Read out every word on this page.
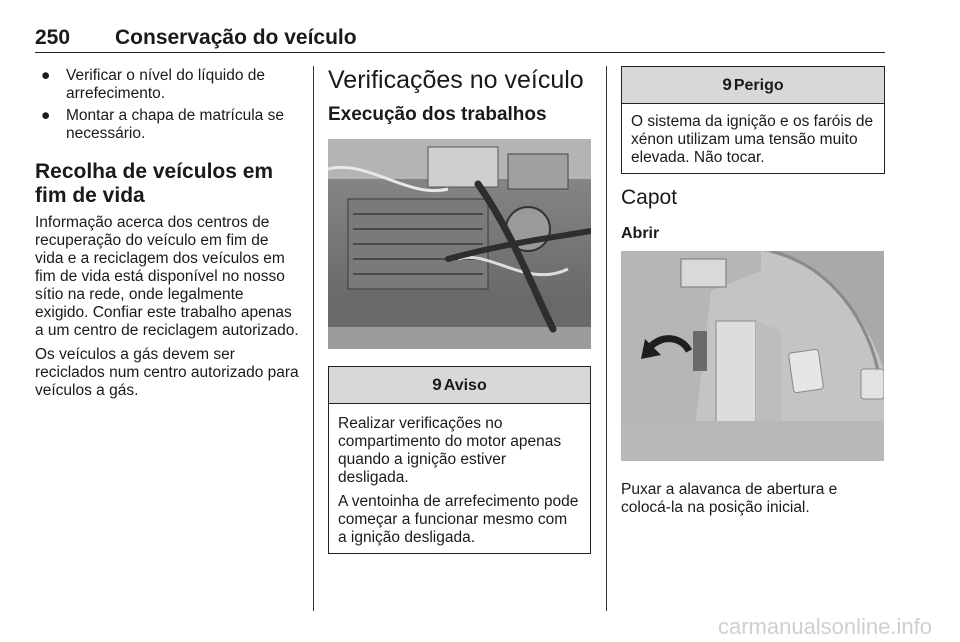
250 Conservação do veículo
● Verificar o nível do líquido de arrefecimento.
● Montar a chapa de matrícula se necessário.
Recolha de veículos em fim de vida

Informação acerca dos centros de recuperação do veículo em fim de vida e a reciclagem dos veículos em fim de vida está disponível no nosso sítio na rede, onde legalmente exigido. Confiar este trabalho apenas a um centro de reciclagem autorizado.

Os veículos a gás devem ser reciclados num centro autorizado para veículos a gás.

Verificações no veículo
Execução dos trabalhos
9 Aviso

Realizar verificações no compartimento do motor apenas quando a ignição estiver desligada.

A ventoinha de arrefecimento pode começar a funcionar mesmo com a ignição desligada.

9 Perigo

O sistema da ignição e os faróis de xénon utilizam uma tensão muito elevada. Não tocar.

Capot
Abrir

Puxar a alavanca de abertura e colocá-la na posição inicial.

carmanualsonline.info
